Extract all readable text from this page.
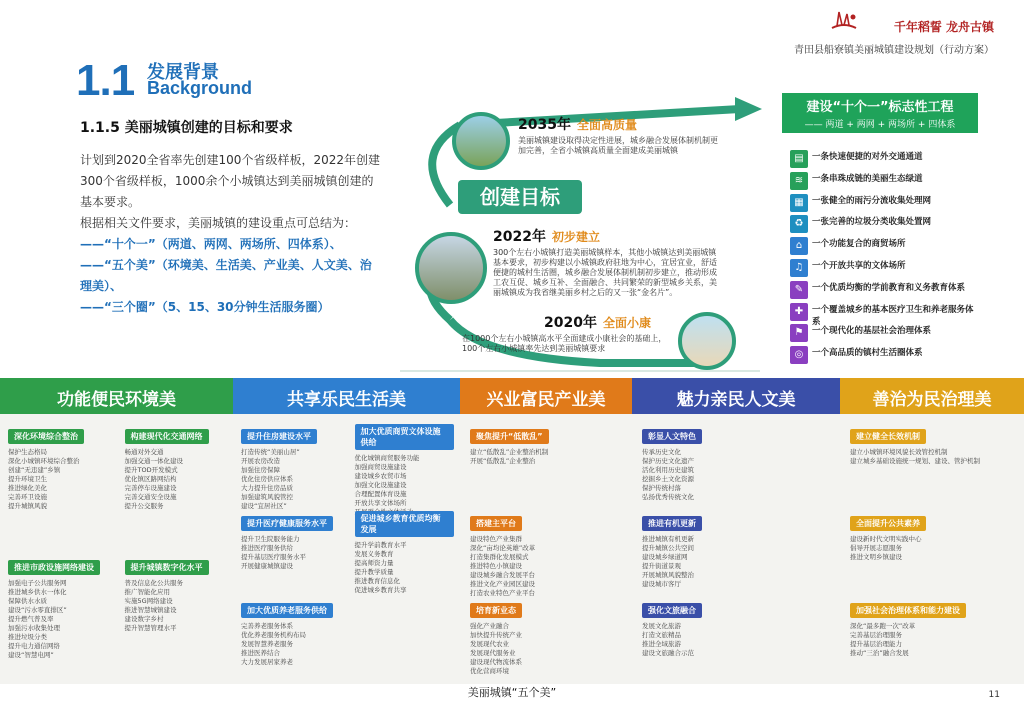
1.1 发展背景
Background
千年稻誓 龙舟古镇
青田县船寮镇美丽城镇建设规划（行动方案）
1.1.5 美丽城镇创建的目标和要求

计划到2020全省率先创建100个省级样板，2022年创建300个省级样板，1000余个小城镇达到美丽城镇创建的基本要求。

根据相关文件要求，美丽城镇的建设重点可总结为：

——“十个一”（两道、两网、两场所、四体系）、

——“五个美”（环境美、生活美、产业美、人文美、治理美）、

——“三个圈”（5、15、30分钟生活服务圈）

创建目标
2035年 全面高质量
美丽城镇建设取得决定性进展，城乡融合发展体制机制更加完善，全省小城镇高质量全面建成美丽城镇
2022年 初步建立
300个左右小城镇打造美丽城镇样本，其他小城镇达到美丽城镇基本要求，初步构建以小城镇政府驻地为中心，宜居宜业，舒适便捷的城村生活圈，城乡融合发展体制机制初步建立，推动形成工农互促、城乡互补、全面融合、共同繁荣的新型城乡关系，美丽城镇成为我省继美丽乡村之后的又一张“金名片”。
2020年 全面小康
在1000个左右小城镇高水平全面建成小康社会的基础上，100个左右小城镇率先达到美丽城镇要求
建设“十个一”标志性工程
—— 两道 + 两网 + 两场所 + 四体系
▤ 一条快速便捷的对外交通通道
≋	一条串珠成链的美丽生态绿道
▦ 一张健全的雨污分流收集处理网
♻	一张完善的垃圾分类收集处置网
⌂	一个功能复合的商贸场所
♫	一个开放共享的文体场所
✎	一个优质均衡的学前教育和义务教育体系
✚	一个覆盖城乡的基本医疗卫生和养老服务体系
⚑	一个现代化的基层社会治理体系
◎	一个高品质的镇村生活圈体系
功能便民环境美
深化环境综合整治
保护生态格局
深化小城镇环境综合整治
创建“无违建”乡镇
提升环境卫生
推进绿化美化
完善环卫设施
提升城镇风貌
构建现代化交通网络
畅通对外交通
加强交通一体化建设
提升TOD开发模式
优化镇区路网结构
完善停车设施建设
完善交通安全设施
提升公交服务
推进市政设施网络建设
加强电子公共服务网
推进城乡供水一体化
保障供水水质
建设“污水零直排区”
提升燃气普及率
加强污水收集处理
推进垃圾分类
提升电力通信网络
建设“智慧电网”
提升城镇数字化水平
普及信息化公共服务
推广智能化应用
实施5G网络建设
推进智慧城镇建设
建设数字乡村
提升智慧管理水平
共享乐民生活美
提升住房建设水平
打造传统“美丽山居”
开展农房改造
加强住房保障
优化住房供应体系
大力提升住房品质
加强建筑风貌管控
建设“宜居社区”
加大优质商贸文体设施供给
优化城镇商贸服务功能
加强商贸设施建设
建设城乡农贸市场
加强文化设施建设
合理配置体育设施
开放共享文体场所
提升医疗健康服务水平
提升卫生院服务能力
推进医疗服务供给
提升基层医疗服务水平
开展健康城镇建设
促进城乡教育优质均衡发展
提升学前教育水平
发展义务教育
提高师资力量
提升教学质量
推进教育信息化
促进城乡教育共享
加大优质养老服务供给
完善养老服务体系
优化养老服务机构布局
发展智慧养老服务
推进医养结合
大力发展居家养老
兴业富民产业美
聚焦提升“低散乱”
建立“低散乱”企业整治机制
开展“低散乱”企业整治
搭建主平台
建设特色产业集群
深化“亩均论英雄”改革
打造集群化发展模式
推进特色小镇建设
建设城乡融合发展平台
推进文化产业园区建设
打造农业特色产业平台
培育新业态
强化产业融合
加快提升传统产业
发展现代农业
发展现代服务业
建设现代物流体系
优化营商环境
魅力亲民人文美
彰显人文特色
传承历史文化
保护历史文化遗产
活化利用历史建筑
挖掘乡土文化资源
保护传统村落
弘扬优秀传统文化
推进有机更新
推进城镇有机更新
提升城镇公共空间
建设城乡绿道网
提升街道景观
开展城镇风貌整治
建设城市客厅
强化文旅融合
发展文化旅游
打造文旅精品
推进全域旅游
建设文旅融合示范
善治为民治理美
建立健全长效机制
建立小城镇环境风貌长效管控机制
建立城乡基础设施统一规划、建设、管护机制
全面提升公共素养
建设新时代文明实践中心
倡导开展志愿服务
推进文明乡镇建设
加强社会治理体系和能力建设
深化“最多跑一次”改革
完善基层治理服务
提升基层治理能力
推动“三治”融合发展
美丽城镇“五个美”	11
